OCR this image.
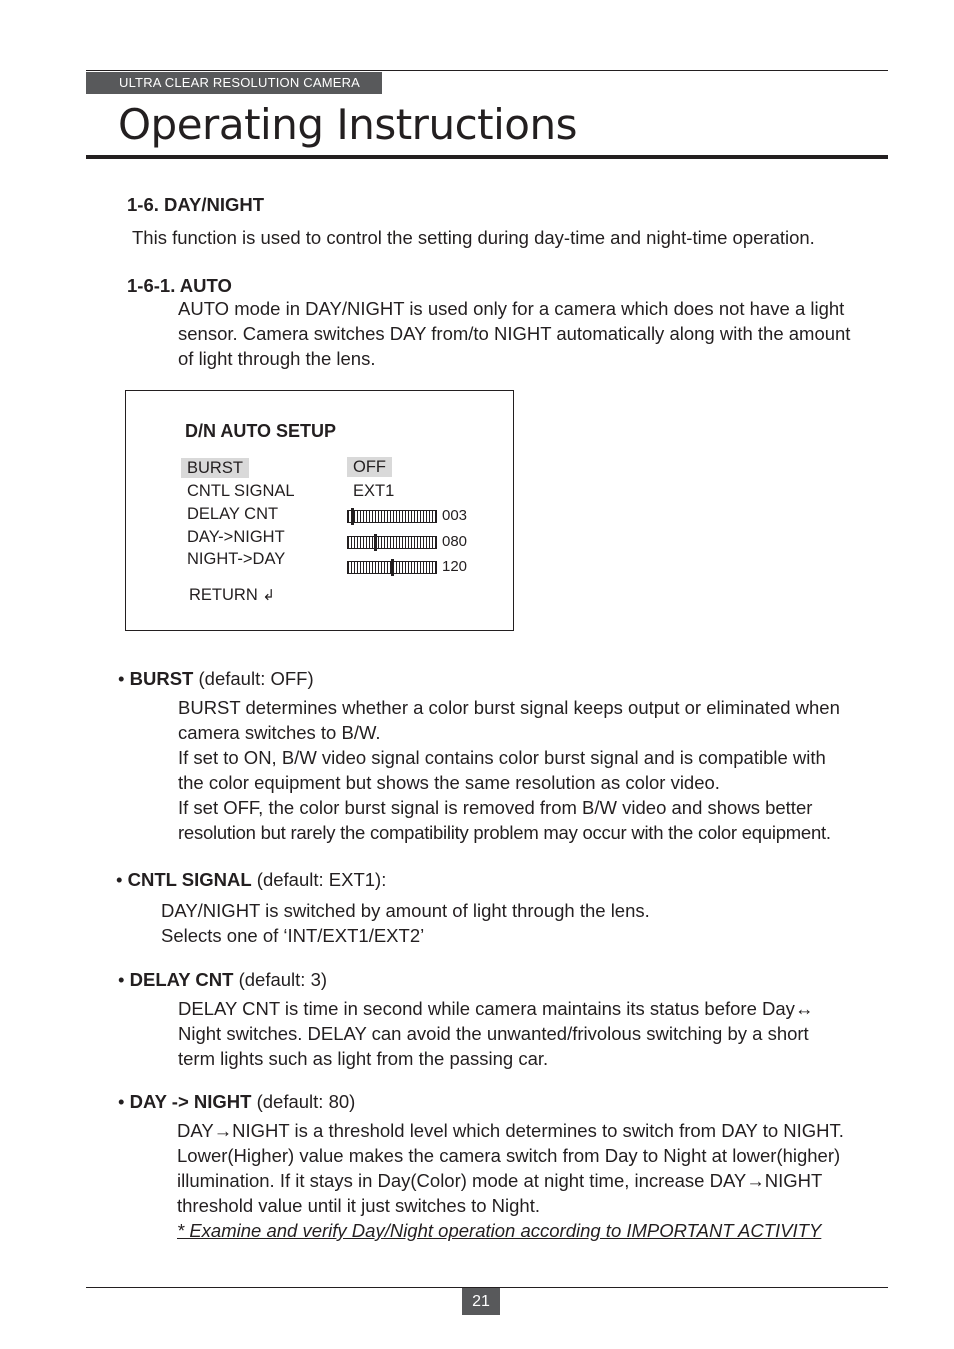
ULTRA CLEAR RESOLUTION CAMERA
Operating Instructions
1-6. DAY/NIGHT
This function is used to control the setting during day-time and night-time operation.
1-6-1. AUTO
AUTO mode in DAY/NIGHT is used only for a camera which does not have a light
sensor. Camera switches DAY from/to NIGHT automatically along with the amount
of light through the lens.
D/N AUTO SETUP
BURST	OFF
CNTL SIGNAL	EXT1
DELAY CNT	003
DAY->NIGHT	080
NIGHT->DAY	120
RETURN ↲
• BURST (default: OFF)
BURST determines whether a color burst signal keeps output or eliminated when
camera switches to B/W.
If set to ON, B/W video signal contains color burst signal and is compatible with
the color equipment but shows the same resolution as color video.
If set OFF, the color burst signal is removed from B/W video and shows better
resolution but rarely the compatibility problem may occur with the color equipment.
• CNTL SIGNAL (default: EXT1):
DAY/NIGHT is switched by amount of light through the lens.
Selects one of ‘INT/EXT1/EXT2’
• DELAY CNT (default: 3)
DELAY CNT is time in second while camera maintains its status before Day↔
Night switches. DELAY can avoid the unwanted/frivolous switching by a short
term lights such as light from the passing car.
• DAY -> NIGHT (default: 80)
DAY→NIGHT is a threshold level which determines to switch from DAY to NIGHT.
Lower(Higher) value makes the camera switch from Day to Night at lower(higher)
illumination. If it stays in Day(Color) mode at night time, increase DAY→NIGHT
threshold value until it just switches to Night.
* Examine and verify Day/Night operation according to IMPORTANT ACTIVITY
21
